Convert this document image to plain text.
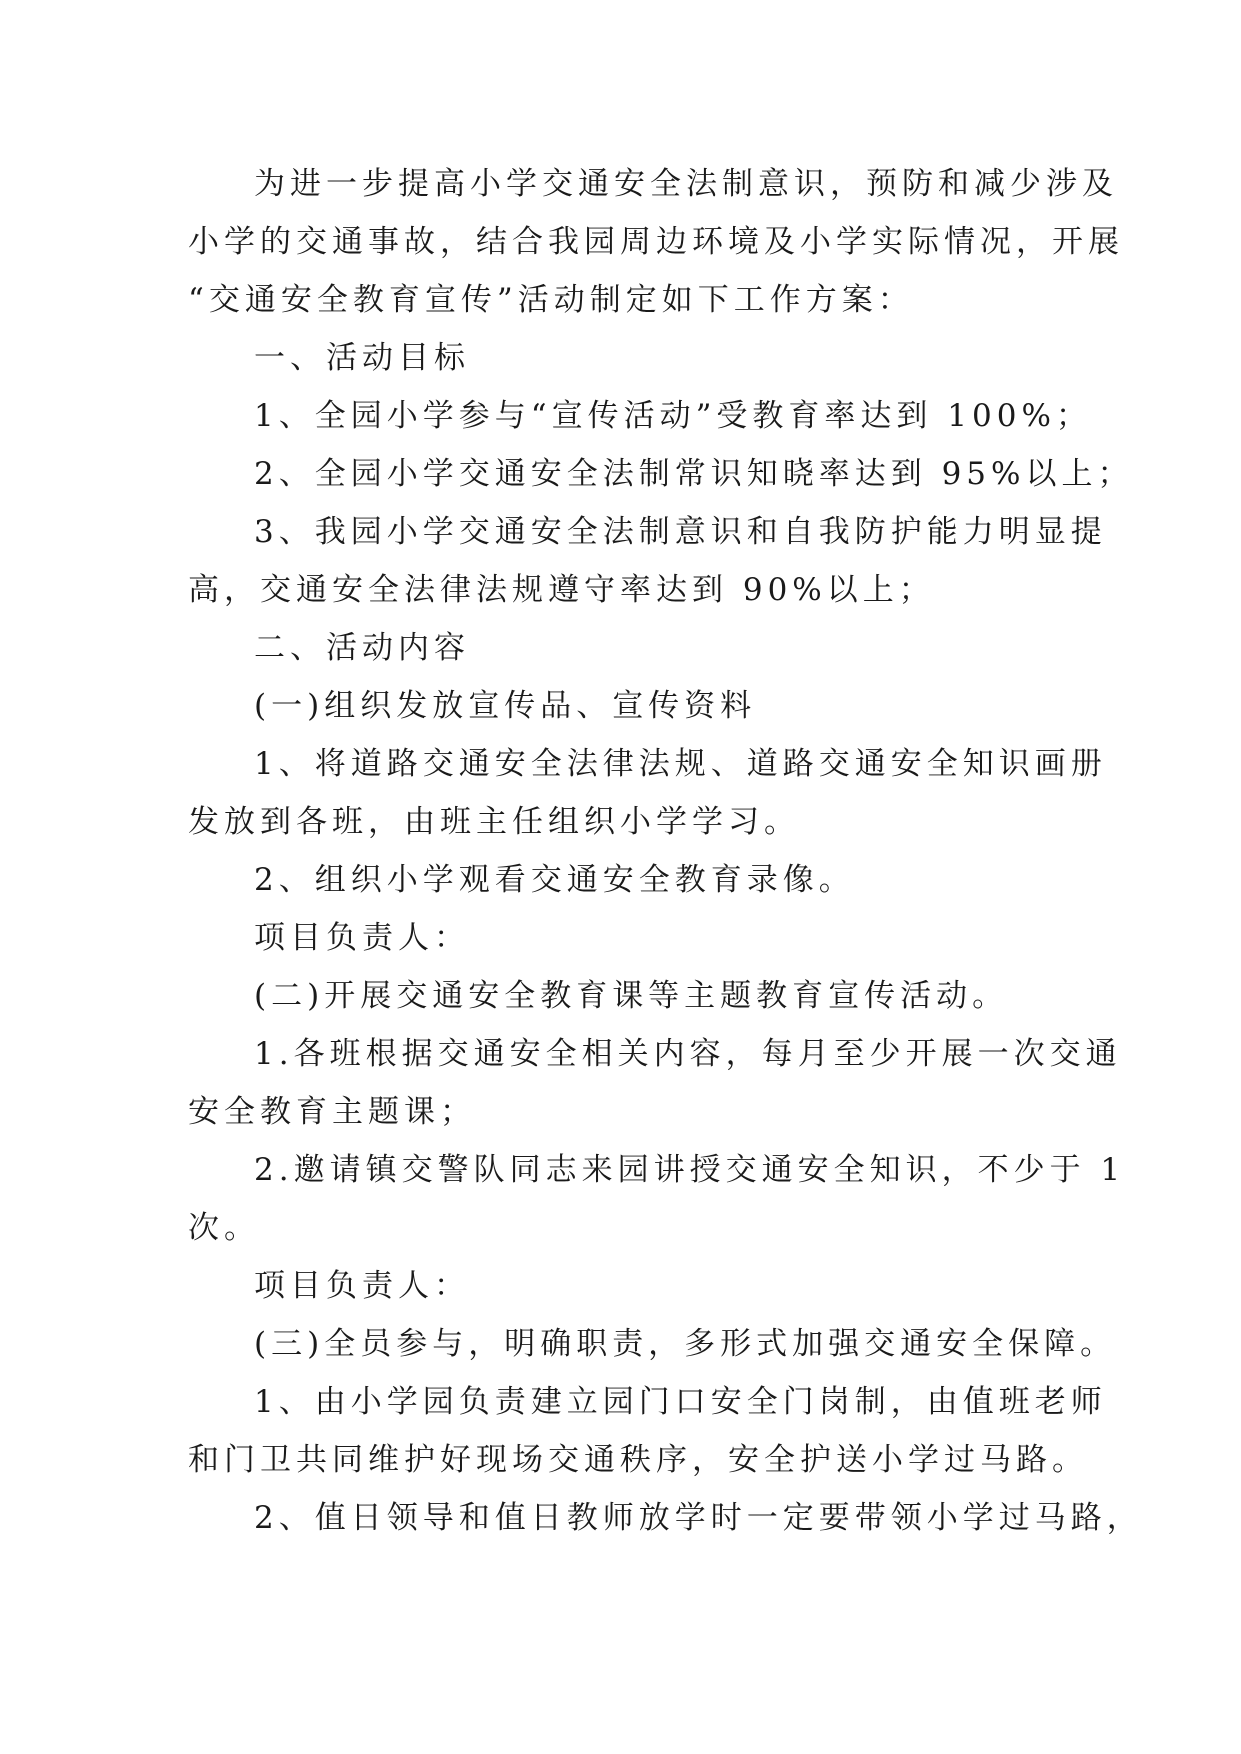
为进一步提高小学交通安全法制意识，预防和减少涉及
小学的交通事故，结合我园周边环境及小学实际情况，开展
“交通安全教育宣传”活动制定如下工作方案：
一、活动目标
1、全园小学参与“宣传活动”受教育率达到 100%；
2、全园小学交通安全法制常识知晓率达到 95%以上；
3、我园小学交通安全法制意识和自我防护能力明显提
高，交通安全法律法规遵守率达到 90%以上；
二、活动内容
(一)组织发放宣传品、宣传资料
1、将道路交通安全法律法规、道路交通安全知识画册
发放到各班，由班主任组织小学学习。
2、组织小学观看交通安全教育录像。
项目负责人：
(二)开展交通安全教育课等主题教育宣传活动。
1.各班根据交通安全相关内容，每月至少开展一次交通
安全教育主题课；
2.邀请镇交警队同志来园讲授交通安全知识，不少于 1
次。
项目负责人：
(三)全员参与，明确职责，多形式加强交通安全保障。
1、由小学园负责建立园门口安全门岗制，由值班老师
和门卫共同维护好现场交通秩序，安全护送小学过马路。
2、值日领导和值日教师放学时一定要带领小学过马路，
